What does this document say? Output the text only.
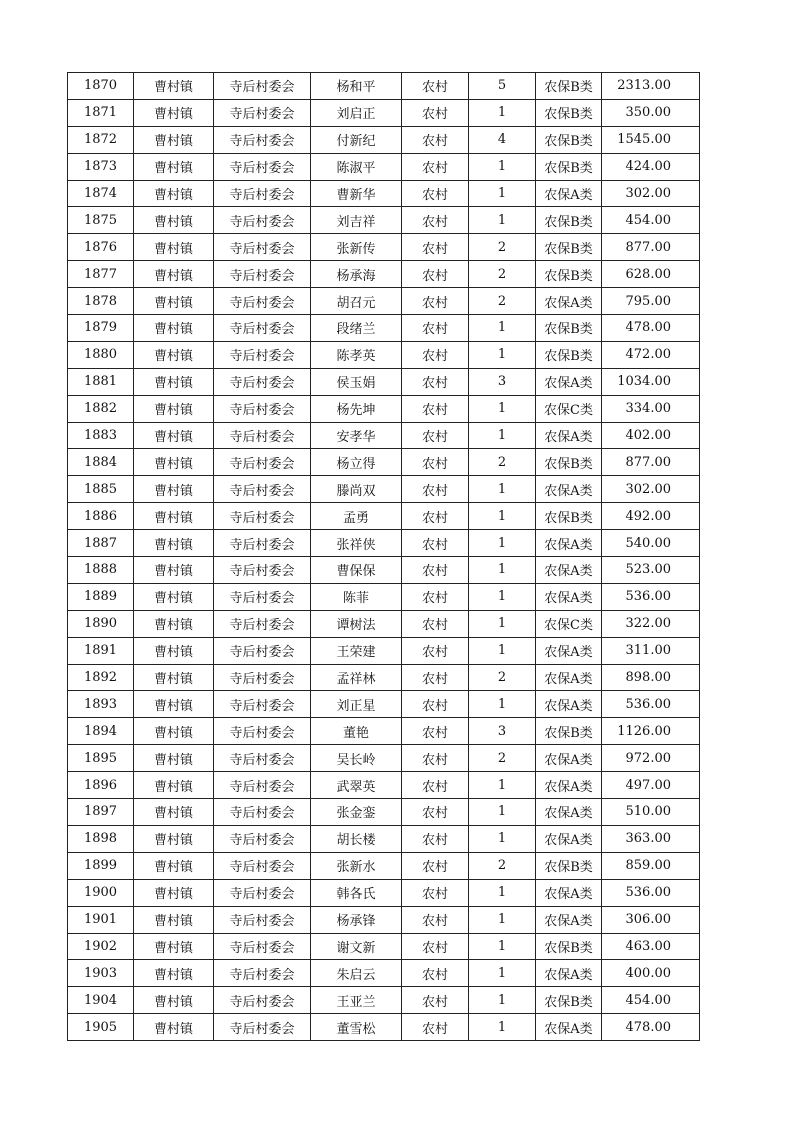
1870	曹村镇	寺后村委会	杨和平	农村	5	农保B类	2313.00
1871	曹村镇	寺后村委会	刘启正	农村	1	农保B类	350.00
1872	曹村镇	寺后村委会	付新纪	农村	4	农保B类	1545.00
1873	曹村镇	寺后村委会	陈淑平	农村	1	农保B类	424.00
1874	曹村镇	寺后村委会	曹新华	农村	1	农保A类	302.00
1875	曹村镇	寺后村委会	刘吉祥	农村	1	农保B类	454.00
1876	曹村镇	寺后村委会	张新传	农村	2	农保B类	877.00
1877	曹村镇	寺后村委会	杨承海	农村	2	农保B类	628.00
1878	曹村镇	寺后村委会	胡召元	农村	2	农保A类	795.00
1879	曹村镇	寺后村委会	段绪兰	农村	1	农保B类	478.00
1880	曹村镇	寺后村委会	陈孝英	农村	1	农保B类	472.00
1881	曹村镇	寺后村委会	侯玉娟	农村	3	农保A类	1034.00
1882	曹村镇	寺后村委会	杨先坤	农村	1	农保C类	334.00
1883	曹村镇	寺后村委会	安孝华	农村	1	农保A类	402.00
1884	曹村镇	寺后村委会	杨立得	农村	2	农保B类	877.00
1885	曹村镇	寺后村委会	滕尚双	农村	1	农保A类	302.00
1886	曹村镇	寺后村委会	孟勇	农村	1	农保B类	492.00
1887	曹村镇	寺后村委会	张祥侠	农村	1	农保A类	540.00
1888	曹村镇	寺后村委会	曹保保	农村	1	农保A类	523.00
1889	曹村镇	寺后村委会	陈菲	农村	1	农保A类	536.00
1890	曹村镇	寺后村委会	谭树法	农村	1	农保C类	322.00
1891	曹村镇	寺后村委会	王荣建	农村	1	农保A类	311.00
1892	曹村镇	寺后村委会	孟祥林	农村	2	农保A类	898.00
1893	曹村镇	寺后村委会	刘正星	农村	1	农保A类	536.00
1894	曹村镇	寺后村委会	董艳	农村	3	农保B类	1126.00
1895	曹村镇	寺后村委会	吴长岭	农村	2	农保A类	972.00
1896	曹村镇	寺后村委会	武翠英	农村	1	农保A类	497.00
1897	曹村镇	寺后村委会	张金銮	农村	1	农保A类	510.00
1898	曹村镇	寺后村委会	胡长楼	农村	1	农保A类	363.00
1899	曹村镇	寺后村委会	张新水	农村	2	农保B类	859.00
1900	曹村镇	寺后村委会	韩各氏	农村	1	农保A类	536.00
1901	曹村镇	寺后村委会	杨承锋	农村	1	农保A类	306.00
1902	曹村镇	寺后村委会	谢文新	农村	1	农保B类	463.00
1903	曹村镇	寺后村委会	朱启云	农村	1	农保A类	400.00
1904	曹村镇	寺后村委会	王亚兰	农村	1	农保B类	454.00
1905	曹村镇	寺后村委会	董雪松	农村	1	农保A类	478.00
